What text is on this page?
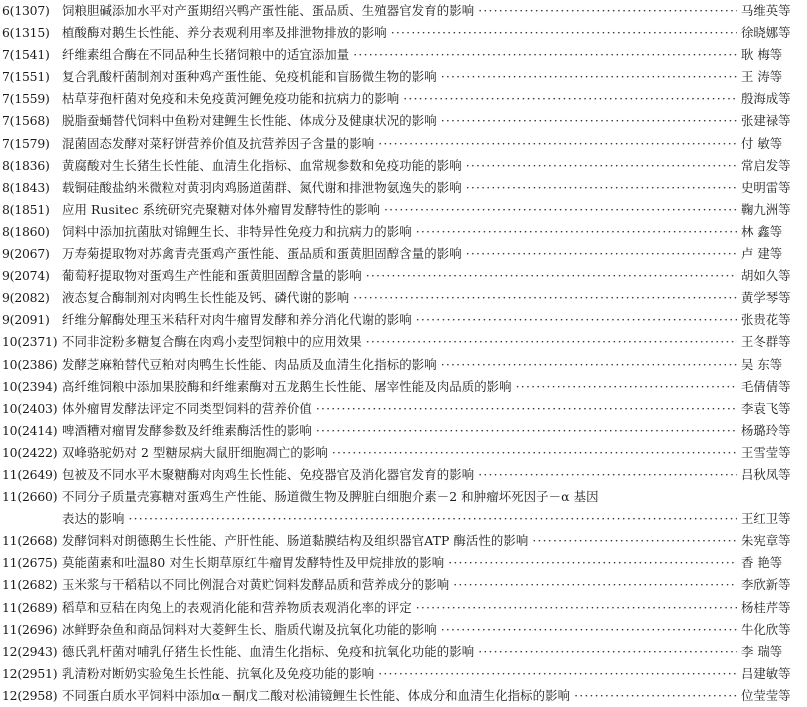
6(1307) 饲粮胆碱添加水平对产蛋期绍兴鸭产蛋性能、蛋品质、生殖器官发育的影响 ·····	马维英等
6(1315) 植酸酶对鹅生长性能、养分表观利用率及排泄物排放的影响 ·····	徐晓娜等
7(1541) 纤维素组合酶在不同品种生长猪饲粮中的适宜添加量 ·····	耿 梅等
7(1551) 复合乳酸杆菌制剂对蛋种鸡产蛋性能、免疫机能和盲肠微生物的影响 ·····	王 涛等
7(1559) 枯草芽孢杆菌对免疫和未免疫黄河鲤免疫功能和抗病力的影响 ·····	殷海成等
7(1568) 脱脂蚕蛹替代饲料中鱼粉对建鲤生长性能、体成分及健康状况的影响 ·····	张建禄等
7(1579) 混菌固态发酵对菜籽饼营养价值及抗营养因子含量的影响 ·····	付 敏等
8(1836) 黄腐酸对生长猪生长性能、血清生化指标、血常规参数和免疫功能的影响 ·····	常启发等
8(1843) 载铜硅酸盐纳米微粒对黄羽肉鸡肠道菌群、氮代谢和排泄物氨逸失的影响 ·····	史明雷等
8(1851) 应用 Rusitec 系统研究壳聚糖对体外瘤胃发酵特性的影响 ·····	鞠九洲等
8(1860) 饲料中添加抗菌肽对锦鲤生长、非特异性免疫力和抗病力的影响 ·····	林 鑫等
9(2067) 万寿菊提取物对苏禽青壳蛋鸡产蛋性能、蛋品质和蛋黄胆固醇含量的影响 ·····	卢 建等
9(2074) 葡萄籽提取物对蛋鸡生产性能和蛋黄胆固醇含量的影响 ·····	胡如久等
9(2082) 液态复合酶制剂对肉鸭生长性能及钙、磷代谢的影响 ·····	黄学琴等
9(2091) 纤维分解酶处理玉米秸秆对肉牛瘤胃发酵和养分消化代谢的影响 ·····	张贵花等
10(2371) 不同非淀粉多糖复合酶在肉鸡小麦型饲粮中的应用效果 ·····	王冬群等
10(2386) 发酵芝麻粕替代豆粕对肉鸭生长性能、肉品质及血清生化指标的影响 ·····	吴 东等
10(2394) 高纤维饲粮中添加果胶酶和纤维素酶对五龙鹅生长性能、屠宰性能及肉品质的影响 ·····	毛倩倩等
10(2403) 体外瘤胃发酵法评定不同类型饲料的营养价值 ·····	李袁飞等
10(2414) 啤酒糟对瘤胃发酵参数及纤维素酶活性的影响 ·····	杨璐玲等
10(2422) 双峰骆驼奶对 2 型糖尿病大鼠肝细胞凋亡的影响 ·····	王雪莹等
11(2649) 包被及不同水平木聚糖酶对肉鸡生长性能、免疫器官及消化器官发育的影响 ·····	吕秋凤等
11(2660) 不同分子质量壳寡糖对蛋鸡生产性能、肠道微生物及脾脏白细胞介素－2 和肿瘤坏死因子－α 基因
表达的影响 ·····	王红卫等
11(2668) 发酵饲料对朗德鹅生长性能、产肝性能、肠道黏膜结构及组织器官ATP 酶活性的影响 ·····	朱宪章等
11(2675) 莫能菌素和吐温80 对生长期草原红牛瘤胃发酵特性及甲烷排放的影响 ·····	香 艳等
11(2682) 玉米浆与干稻秸以不同比例混合对黄贮饲料发酵品质和营养成分的影响 ·····	李欣新等
11(2689) 稻草和豆秸在肉兔上的表观消化能和营养物质表观消化率的评定 ·····	杨桂芹等
11(2696) 冰鲜野杂鱼和商品饲料对大菱鲆生长、脂质代谢及抗氧化功能的影响 ·····	牛化欣等
12(2943) 德氏乳杆菌对哺乳仔猪生长性能、血清生化指标、免疫和抗氧化功能的影响 ·····	李 瑞等
12(2951) 乳清粉对断奶实验兔生长性能、抗氧化及免疫功能的影响 ·····	吕建敏等
12(2958) 不同蛋白质水平饲料中添加α－酮戊二酸对松浦镜鲤生长性能、体成分和血清生化指标的影响 ·····	位莹莹等
